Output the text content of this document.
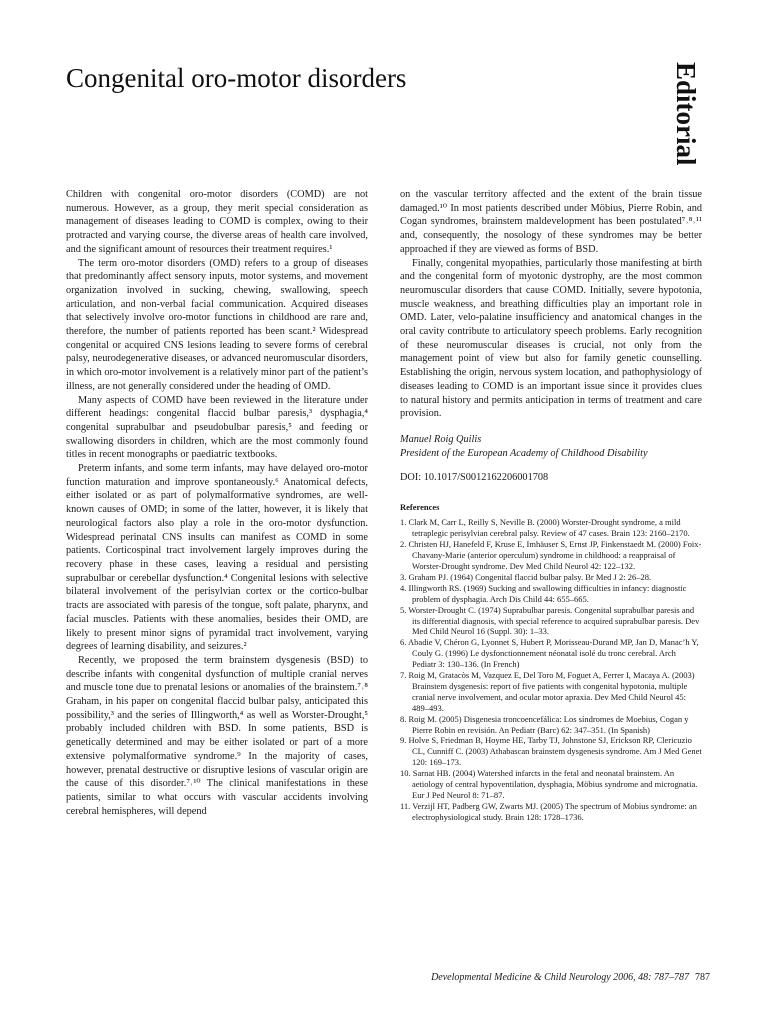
Congenital oro-motor disorders	Editorial

Children with congenital oro-motor disorders (COMD) are not numerous. However, as a group, they merit special consideration as management of diseases leading to COMD is complex, owing to their protracted and varying course, the diverse areas of health care involved, and the significant amount of resources their treatment requires.¹

The term oro-motor disorders (OMD) refers to a group of diseases that predominantly affect sensory inputs, motor systems, and movement organization involved in sucking, chewing, swallowing, speech articulation, and non-verbal facial communication. Acquired diseases that selectively involve oro-motor functions in childhood are rare and, therefore, the number of patients reported has been scant.² Widespread congenital or acquired CNS lesions leading to severe forms of cerebral palsy, neurodegenerative diseases, or advanced neuromuscular disorders, in which oro-motor involvement is a relatively minor part of the patient’s illness, are not generally considered under the heading of OMD.

Many aspects of COMD have been reviewed in the literature under different headings: congenital flaccid bulbar paresis,³ dysphagia,⁴ congenital suprabulbar and pseudobulbar paresis,⁵ and feeding or swallowing disorders in children, which are the most commonly found titles in recent monographs or paediatric textbooks.

Preterm infants, and some term infants, may have delayed oro-motor function maturation and improve spontaneously.⁶ Anatomical defects, either isolated or as part of polymalformative syndromes, are well-known causes of OMD; in some of the latter, however, it is likely that neurological factors also play a role in the oro-motor dysfunction. Widespread perinatal CNS insults can manifest as COMD in some patients. Corticospinal tract involvement largely improves during the recovery phase in these cases, leaving a residual and persisting suprabulbar or cerebellar dysfunction.⁴ Congenital lesions with selective bilateral involvement of the perisylvian cortex or the cortico-bulbar tracts are associated with paresis of the tongue, soft palate, pharynx, and facial muscles. Patients with these anomalies, besides their OMD, are likely to present minor signs of pyramidal tract involvement, varying degrees of learning disability, and seizures.²

Recently, we proposed the term brainstem dysgenesis (BSD) to describe infants with congenital dysfunction of multiple cranial nerves and muscle tone due to prenatal lesions or anomalies of the brainstem.⁷˒⁸ Graham, in his paper on congenital flaccid bulbar palsy, anticipated this possibility,³ and the series of Illingworth,⁴ as well as Worster-Drought,⁵ probably included children with BSD. In some patients, BSD is genetically determined and may be either isolated or part of a more extensive polymalformative syndrome.⁹ In the majority of cases, however, prenatal destructive or disruptive lesions of vascular origin are the cause of this disorder.⁷˒¹⁰ The clinical manifestations in these patients, similar to what occurs with vascular accidents involving cerebral hemispheres, will depend

on the vascular territory affected and the extent of the brain tissue damaged.¹⁰ In most patients described under Möbius, Pierre Robin, and Cogan syndromes, brainstem maldevelopment has been postulated⁷˒⁸˒¹¹ and, consequently, the nosology of these syndromes may be better approached if they are viewed as forms of BSD.

Finally, congenital myopathies, particularly those manifesting at birth and the congenital form of myotonic dystrophy, are the most common neuromuscular disorders that cause COMD. Initially, severe hypotonia, muscle weakness, and breathing difficulties play an important role in OMD. Later, velo-palatine insufficiency and anatomical changes in the oral cavity contribute to articulatory speech problems. Early recognition of these neuromuscular diseases is crucial, not only from the management point of view but also for family genetic counselling. Establishing the origin, nervous system location, and pathophysiology of diseases leading to COMD is an important issue since it provides clues to natural history and permits anticipation in terms of treatment and care provision.

Manuel Roig Quilis
President of the European Academy of Childhood Disability

DOI: 10.1017/S0012162206001708

References

1. Clark M, Carr L, Reilly S, Neville B. (2000) Worster-Drought syndrome, a mild tetraplegic perisylvian cerebral palsy. Review of 47 cases. Brain 123: 2160–2170.
2. Christen HJ, Hanefeld F, Kruse E, Imhäuser S, Ernst JP, Finkenstaedt M. (2000) Foix-Chavany-Marie (anterior operculum) syndrome in childhood: a reappraisal of Worster-Drought syndrome. Dev Med Child Neurol 42: 122–132.
3. Graham PJ. (1964) Congenital flaccid bulbar palsy. Br Med J 2: 26–28.
4. Illingworth RS. (1969) Sucking and swallowing difficulties in infancy: diagnostic problem of dysphagia. Arch Dis Child 44: 655–665.
5. Worster-Drought C. (1974) Suprabulbar paresis. Congenital suprabulbar paresis and its differential diagnosis, with special reference to acquired suprabulbar paresis. Dev Med Child Neurol 16 (Suppl. 30): 1–33.
6. Abadie V, Chéron G, Lyonnet S, Hubert P, Morisseau-Durand MP, Jan D, Manac’h Y, Couly G. (1996) Le dysfonctionnement néonatal isolé du tronc cerebral. Arch Pediatr 3: 130–136. (In French)
7. Roig M, Gratacòs M, Vazquez E, Del Toro M, Foguet A, Ferrer I, Macaya A. (2003) Brainstem dysgenesis: report of five patients with congenital hypotonia, multiple cranial nerve involvement, and ocular motor apraxia. Dev Med Child Neurol 45: 489–493.
8. Roig M. (2005) Disgenesia troncoencefálica: Los síndromes de Moebius, Cogan y Pierre Robin en revisión. An Pediatr (Barc) 62: 347–351. (In Spanish)
9. Holve S, Friedman B, Hoyme HE, Tarby TJ, Johnstone SJ, Erickson RP, Clericuzio CL, Cunniff C. (2003) Athabascan brainstem dysgenesis syndrome. Am J Med Genet 120: 169–173.
10. Sarnat HB. (2004) Watershed infarcts in the fetal and neonatal brainstem. An aetiology of central hypoventilation, dysphagia, Möbius syndrome and micrognatia. Eur J Ped Neurol 8: 71–87.
11. Verzijl HT, Padberg GW, Zwarts MJ. (2005) The spectrum of Mobius syndrome: an electrophysiological study. Brain 128: 1728–1736.
Developmental Medicine & Child Neurology 2006, 48: 787–787 787
